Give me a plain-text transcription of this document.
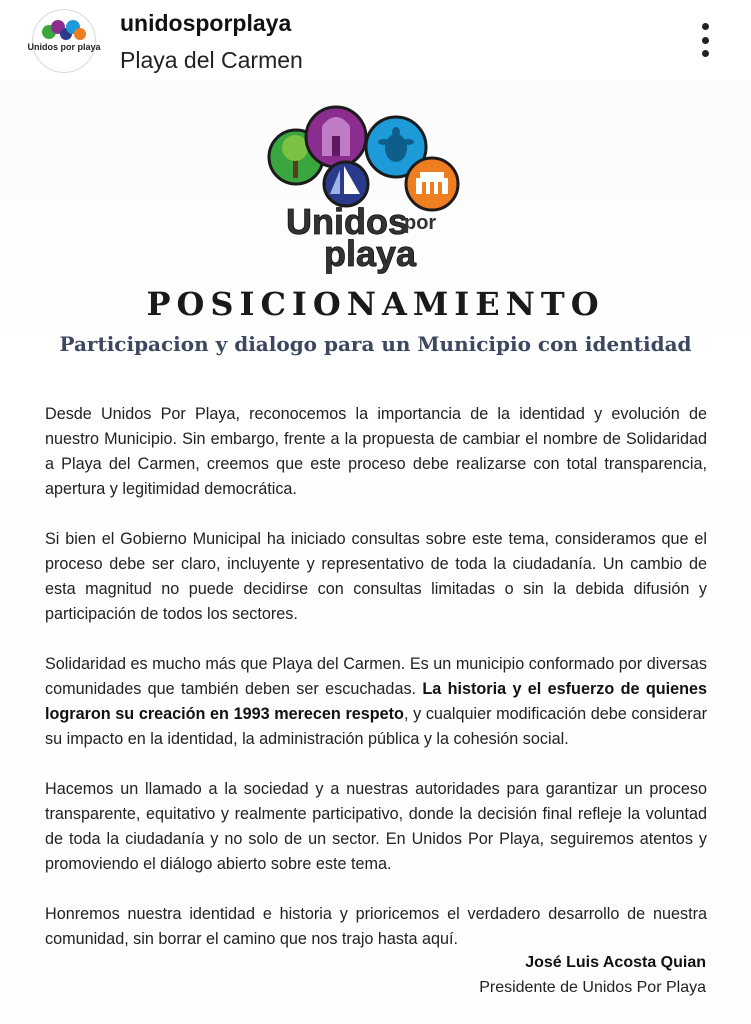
Unidos por playa
unidosporplaya
Playa del Carmen
Unidos
por
playa
POSICIONAMIENTO
Participacion y dialogo para un Municipio con identidad

Desde Unidos Por Playa, reconocemos la importancia de la identidad y evolución de nuestro Municipio. Sin embargo, frente a la propuesta de cambiar el nombre de Solidaridad a Playa del Carmen, creemos que este proceso debe realizarse con total transparencia, apertura y legitimidad democrática.

Si bien el Gobierno Municipal ha iniciado consultas sobre este tema, consideramos que el proceso debe ser claro, incluyente y representativo de toda la ciudadanía. Un cambio de esta magnitud no puede decidirse con consultas limitadas o sin la debida difusión y participación de todos los sectores.

Solidaridad es mucho más que Playa del Carmen. Es un municipio conformado por diversas comunidades que también deben ser escuchadas. La historia y el esfuerzo de quienes lograron su creación en 1993 merecen respeto, y cualquier modificación debe considerar su impacto en la identidad, la administración pública y la cohesión social.

Hacemos un llamado a la sociedad y a nuestras autoridades para garantizar un proceso transparente, equitativo y realmente participativo, donde la decisión final refleje la voluntad de toda la ciudadanía y no solo de un sector. En Unidos Por Playa, seguiremos atentos y promoviendo el diálogo abierto sobre este tema.

Honremos nuestra identidad e historia y prioricemos el verdadero desarrollo de nuestra comunidad, sin borrar el camino que nos trajo hasta aquí.

José Luis Acosta Quian
Presidente de Unidos Por Playa
